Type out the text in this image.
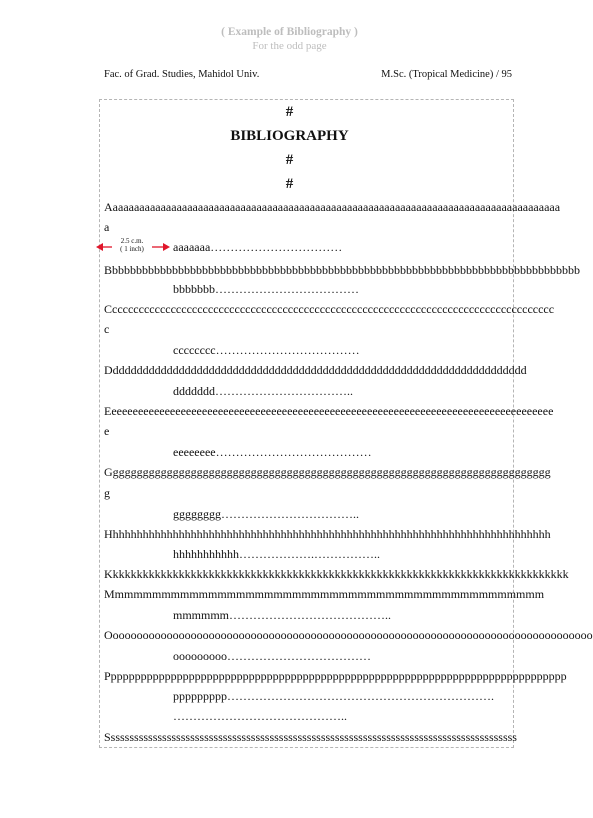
( Example of Bibliography )
For the odd page
Fac. of Grad. Studies, Mahidol Univ.	M.Sc. (Tropical Medicine) / 95
#
BIBLIOGRAPHY
#
#
2.5 c.m.
( 1 inch)
Aaaaaaaaaaaaaaaaaaaaaaaaaaaaaaaaaaaaaaaaaaaaaaaaaaaaaaaaaaaaaaaaaaaaaaaaaaaaaaaaaaaaa
a
aaaaaaa……………………………
Bbbbbbbbbbbbbbbbbbbbbbbbbbbbbbbbbbbbbbbbbbbbbbbbbbbbbbbbbbbbbbbbbbbbbbbbbbbbbbb
bbbbbbb………………………………
Cccccccccccccccccccccccccccccccccccccccccccccccccccccccccccccccccccccccccccccccccccc
c
cccccccc………………………………
Dddddddddddddddddddddddddddddddddddddddddddddddddddddddddddddddddddddd
ddddddd……………………………..
Eeeeeeeeeeeeeeeeeeeeeeeeeeeeeeeeeeeeeeeeeeeeeeeeeeeeeeeeeeeeeeeeeeeeeeeeeeeeeeeeeeee
e
eeeeeeee…………………………………
Gggggggggggggggggggggggggggggggggggggggggggggggggggggggggggggggggggggggggg
g
gggggggg……………………………..
Hhhhhhhhhhhhhhhhhhhhhhhhhhhhhhhhhhhhhhhhhhhhhhhhhhhhhhhhhhhhhhhhhhhhhhhhhh
hhhhhhhhhhh……………….……………..
Kkkkkkkkkkkkkkkkkkkkkkkkkkkkkkkkkkkkkkkkkkkkkkkkkkkkkkkkkkkkkkkkkkkkkkkkkkkkk
Mmmmmmmmmmmmmmmmmmmmmmmmmmmmmmmmmmmmmmmmmmmmmmm
mmmmmm…………………………………..
Ooooooooooooooooooooooooooooooooooooooooooooooooooooooooooooooooooooooooooooooooo
ooooooooo………………………………
Ppppppppppppppppppppppppppppppppppppppppppppppppppppppppppppppppppppppppppppp
ppppppppp………………………………………………………….
……………………………………..
Ssssssssssssssssssssssssssssssssssssssssssssssssssssssssssssssssssssssssssssssssssssssss
